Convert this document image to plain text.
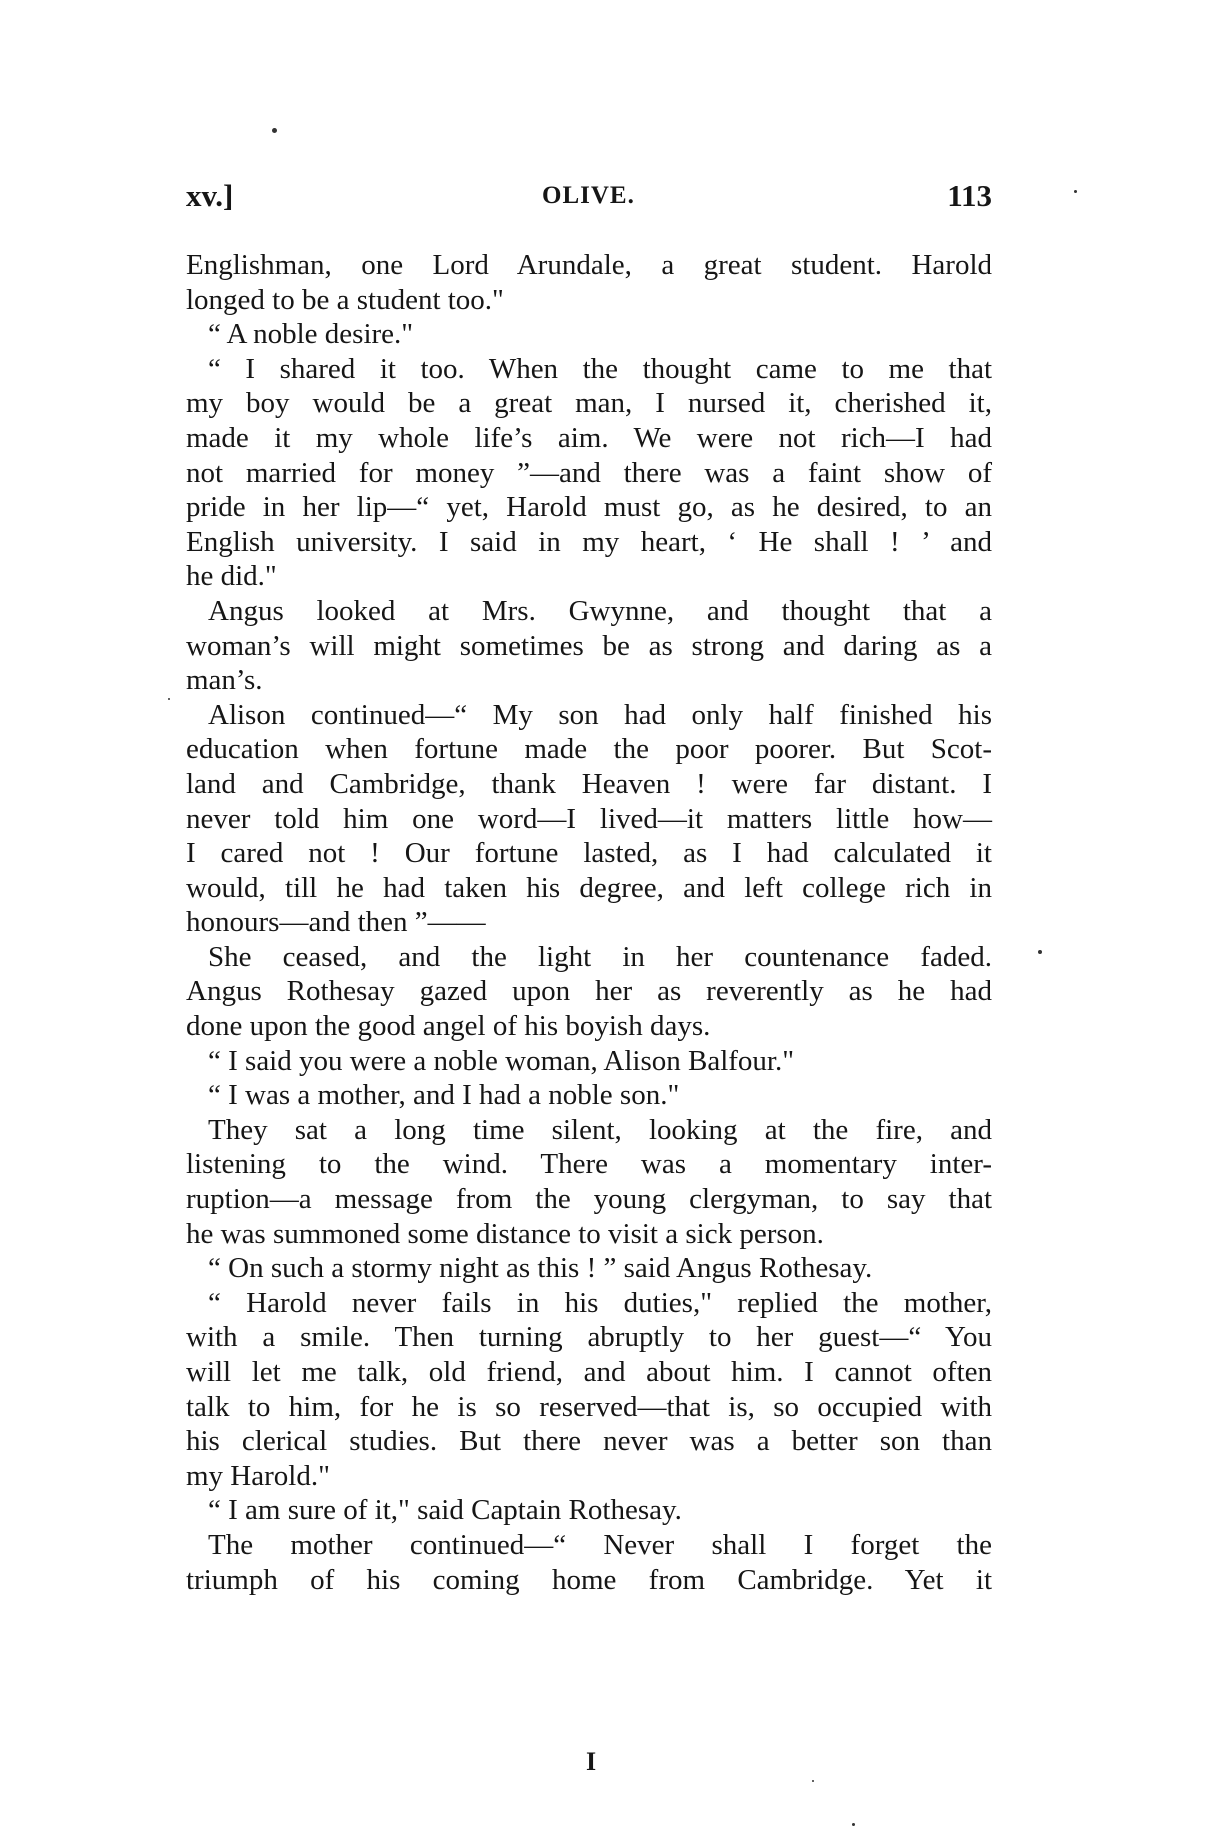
xv.]	OLIVE.	113
Englishman, one Lord Arundale, a great student. Harold
longed to be a student too."
“ A noble desire."
“ I shared it too. When the thought came to me that
my boy would be a great man, I nursed it, cherished it,
made it my whole life’s aim. We were not rich—I had
not married for money ”—and there was a faint show of
pride in her lip—“ yet, Harold must go, as he desired, to an
English university. I said in my heart, ‘ He shall ! ’ and
he did."
Angus looked at Mrs. Gwynne, and thought that a
woman’s will might sometimes be as strong and daring as a
man’s.
Alison continued—“ My son had only half finished his
education when fortune made the poor poorer. But Scot-
land and Cambridge, thank Heaven ! were far distant. I
never told him one word—I lived—it matters little how—
I cared not ! Our fortune lasted, as I had calculated it
would, till he had taken his degree, and left college rich in
honours—and then ”——
She ceased, and the light in her countenance faded.
Angus Rothesay gazed upon her as reverently as he had
done upon the good angel of his boyish days.
“ I said you were a noble woman, Alison Balfour."
“ I was a mother, and I had a noble son."
They sat a long time silent, looking at the fire, and
listening to the wind. There was a momentary inter-
ruption—a message from the young clergyman, to say that
he was summoned some distance to visit a sick person.
“ On such a stormy night as this ! ” said Angus Rothesay.
“ Harold never fails in his duties," replied the mother,
with a smile. Then turning abruptly to her guest—“ You
will let me talk, old friend, and about him. I cannot often
talk to him, for he is so reserved—that is, so occupied with
his clerical studies. But there never was a better son than
my Harold."
“ I am sure of it," said Captain Rothesay.
The mother continued—“ Never shall I forget the
triumph of his coming home from Cambridge. Yet it
I
